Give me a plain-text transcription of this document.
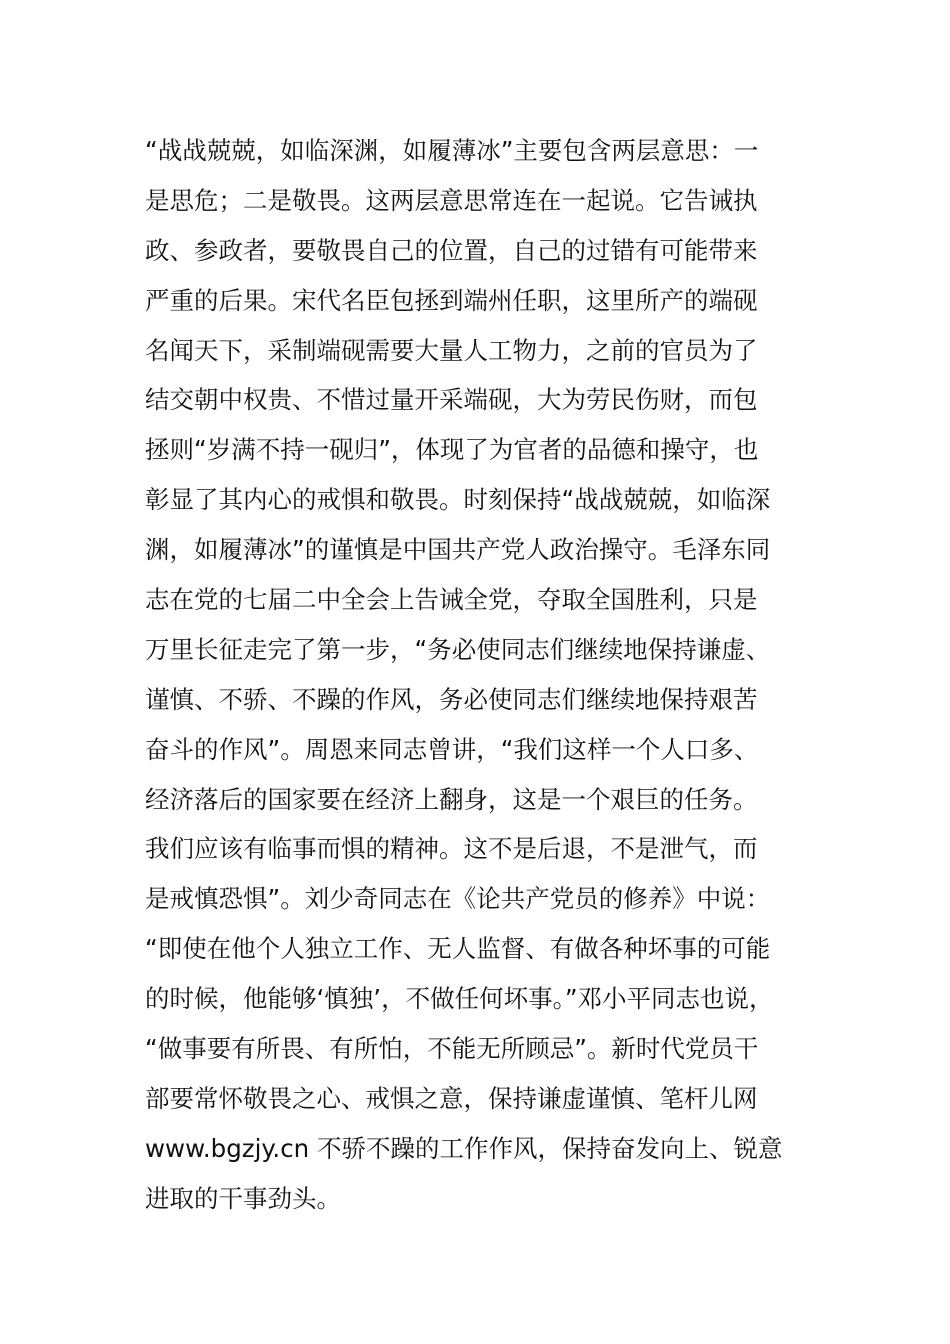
“战战兢兢，如临深渊，如履薄冰”主要包含两层意思：一
是思危；二是敬畏。这两层意思常连在一起说。它告诫执
政、参政者，要敬畏自己的位置，自己的过错有可能带来
严重的后果。宋代名臣包拯到端州任职，这里所产的端砚
名闻天下，采制端砚需要大量人工物力，之前的官员为了
结交朝中权贵、不惜过量开采端砚，大为劳民伤财，而包
拯则“岁满不持一砚归”，体现了为官者的品德和操守，也
彰显了其内心的戒惧和敬畏。时刻保持“战战兢兢，如临深
渊，如履薄冰”的谨慎是中国共产党人政治操守。毛泽东同
志在党的七届二中全会上告诫全党，夺取全国胜利，只是
万里长征走完了第一步，“务必使同志们继续地保持谦虚、
谨慎、不骄、不躁的作风，务必使同志们继续地保持艰苦
奋斗的作风”。周恩来同志曾讲，“我们这样一个人口多、
经济落后的国家要在经济上翻身，这是一个艰巨的任务。
我们应该有临事而惧的精神。这不是后退，不是泄气，而
是戒慎恐惧”。刘少奇同志在《论共产党员的修养》中说：
“即使在他个人独立工作、无人监督、有做各种坏事的可能
的时候，他能够‘慎独’，不做任何坏事。”邓小平同志也说，
“做事要有所畏、有所怕，不能无所顾忌”。新时代党员干
部要常怀敬畏之心、戒惧之意，保持谦虚谨慎、笔杆儿网
www.bgzjy.cn 不骄不躁的工作作风，保持奋发向上、锐意
进取的干事劲头。
